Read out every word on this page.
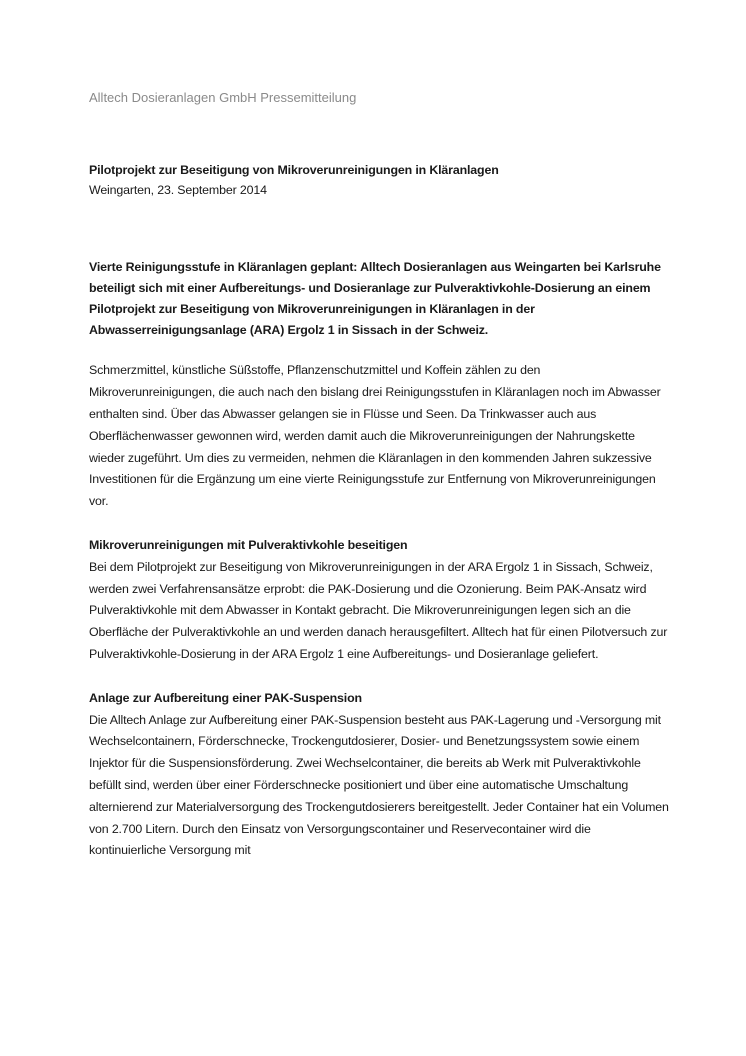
Alltech Dosieranlagen GmbH Pressemitteilung

Pilotprojekt zur Beseitigung von Mikroverunreinigungen in Kläranlagen

Weingarten, 23. September 2014

Vierte Reinigungsstufe in Kläranlagen geplant: Alltech Dosieranlagen aus Weingarten bei Karlsruhe beteiligt sich mit einer Aufbereitungs- und Dosieranlage zur Pulveraktivkohle-Dosierung an einem Pilotprojekt zur Beseitigung von Mikroverunreinigungen in Kläranlagen in der Abwasserreinigungsanlage (ARA) Ergolz 1 in Sissach in der Schweiz.

Schmerzmittel, künstliche Süßstoffe, Pflanzenschutzmittel und Koffein zählen zu den Mikroverunreinigungen, die auch nach den bislang drei Reinigungsstufen in Kläranlagen noch im Abwasser enthalten sind. Über das Abwasser gelangen sie in Flüsse und Seen. Da Trinkwasser auch aus Oberflächenwasser gewonnen wird, werden damit auch die Mikroverunreinigungen der Nahrungskette wieder zugeführt. Um dies zu vermeiden, nehmen die Kläranlagen in den kommenden Jahren sukzessive Investitionen für die Ergänzung um eine vierte Reinigungsstufe zur Entfernung von Mikroverunreinigungen vor.

Mikroverunreinigungen mit Pulveraktivkohle beseitigen

Bei dem Pilotprojekt zur Beseitigung von Mikroverunreinigungen in der ARA Ergolz 1 in Sissach, Schweiz, werden zwei Verfahrensansätze erprobt: die PAK-Dosierung und die Ozonierung. Beim PAK-Ansatz wird Pulveraktivkohle mit dem Abwasser in Kontakt gebracht. Die Mikroverunreinigungen legen sich an die Oberfläche der Pulveraktivkohle an und werden danach herausgefiltert. Alltech hat für einen Pilotversuch zur Pulveraktivkohle-Dosierung in der ARA Ergolz 1 eine Aufbereitungs- und Dosieranlage geliefert.

Anlage zur Aufbereitung einer PAK-Suspension

Die Alltech Anlage zur Aufbereitung einer PAK-Suspension besteht aus PAK-Lagerung und -Versorgung mit Wechselcontainern, Förderschnecke, Trockengutdosierer, Dosier- und Benetzungssystem sowie einem Injektor für die Suspensionsförderung. Zwei Wechselcontainer, die bereits ab Werk mit Pulveraktivkohle befüllt sind, werden über einer Förderschnecke positioniert und über eine automatische Umschaltung alternierend zur Materialversorgung des Trockengutdosierers bereitgestellt. Jeder Container hat ein Volumen von 2.700 Litern. Durch den Einsatz von Versorgungscontainer und Reservecontainer wird die kontinuierliche Versorgung mit
